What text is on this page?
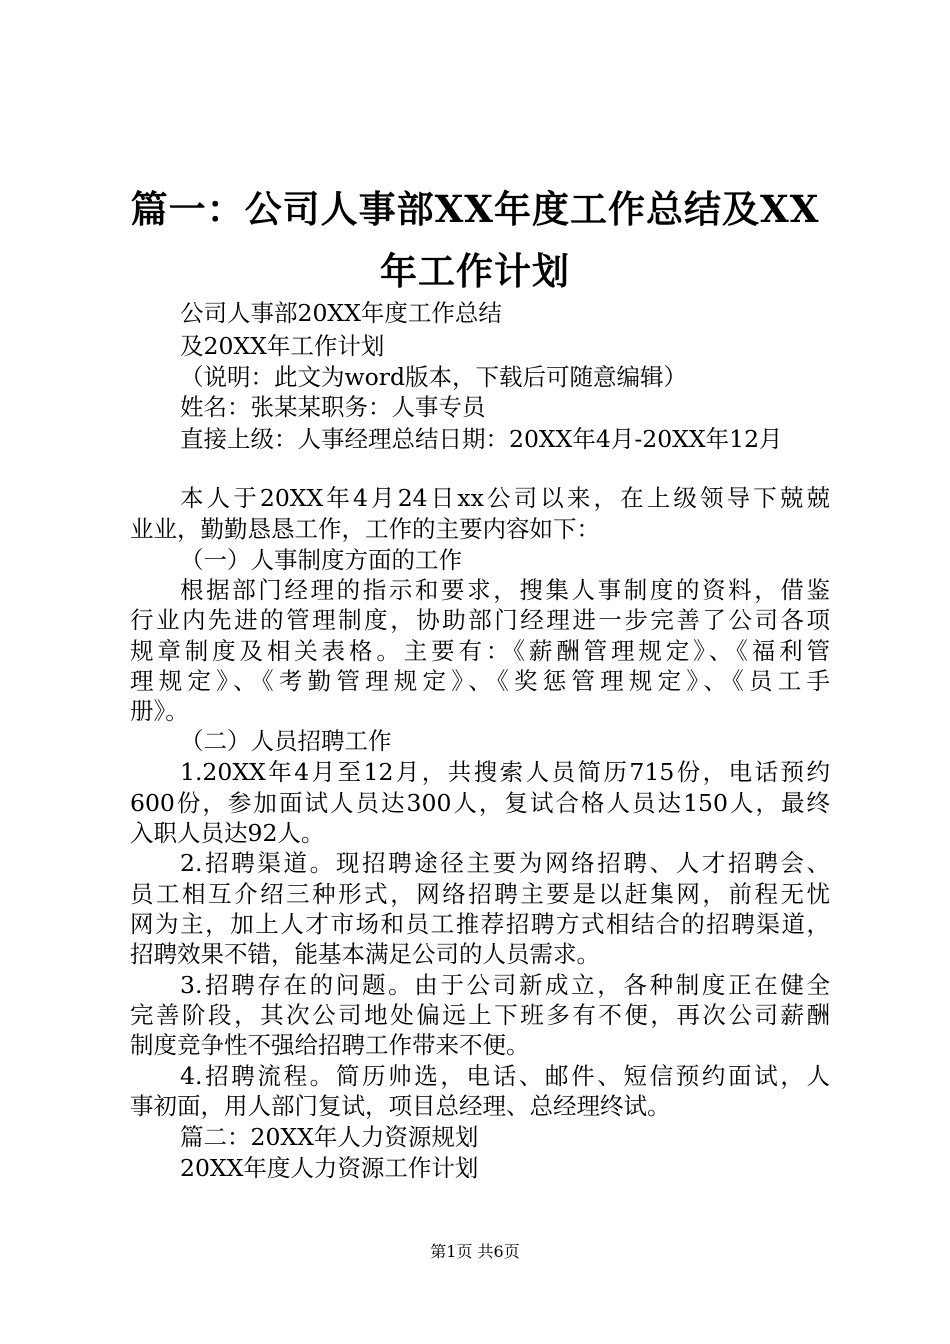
篇一：公司人事部XX年度工作总结及XX年工作计划
公司人事部20XX年度工作总结
及20XX年工作计划
（说明：此文为word版本，下载后可随意编辑）
姓名：张某某职务：人事专员
直接上级：人事经理总结日期：20XX年4月-20XX年12月
本人于20XX年4月24日xx公司以来，在上级领导下兢兢
业业，勤勤恳恳工作，工作的主要内容如下：
（一）人事制度方面的工作
根据部门经理的指示和要求，搜集人事制度的资料，借鉴
行业内先进的管理制度，协助部门经理进一步完善了公司各项
规章制度及相关表格。主要有：《薪酬管理规定》、《福利管
理规定》、《考勤管理规定》、《奖惩管理规定》、《员工手
册》。
（二）人员招聘工作
1.20XX年4月至12月，共搜索人员简历715份，电话预约
600份，参加面试人员达300人，复试合格人员达150人，最终
入职人员达92人。
2.招聘渠道。现招聘途径主要为网络招聘、人才招聘会、
员工相互介绍三种形式，网络招聘主要是以赶集网，前程无忧
网为主，加上人才市场和员工推荐招聘方式相结合的招聘渠道，
招聘效果不错，能基本满足公司的人员需求。
3.招聘存在的问题。由于公司新成立，各种制度正在健全
完善阶段，其次公司地处偏远上下班多有不便，再次公司薪酬
制度竞争性不强给招聘工作带来不便。
4.招聘流程。简历帅选，电话、邮件、短信预约面试，人
事初面，用人部门复试，项目总经理、总经理终试。
篇二：20XX年人力资源规划
20XX年度人力资源工作计划
第1页 共6页
